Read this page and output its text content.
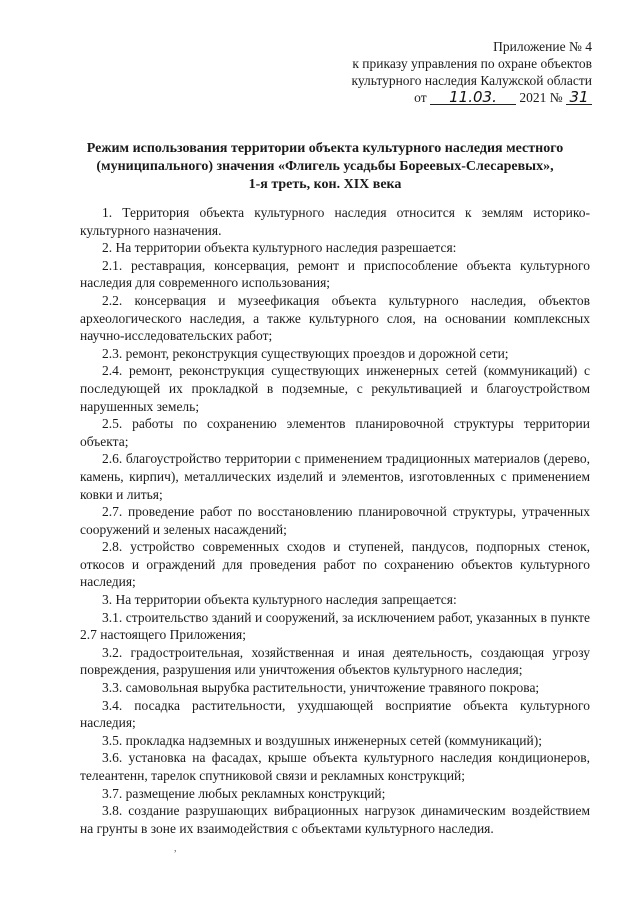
Приложение № 4
к приказу управления по охране объектов
культурного наследия Калужской области
от 11.03. 2021 № 31
Режим использования территории объекта культурного наследия местного
(муниципального) значения «Флигель усадьбы Бореевых-Слесаревых»,
1-я треть, кон. XIX века

1. Территория объекта культурного наследия относится к землям историко-культурного назначения.

2. На территории объекта культурного наследия разрешается:

2.1. реставрация, консервация, ремонт и приспособление объекта культурного наследия для современного использования;

2.2. консервация и музеефикация объекта культурного наследия, объектов археологического наследия, а также культурного слоя, на основании комплексных научно-исследовательских работ;

2.3. ремонт, реконструкция существующих проездов и дорожной сети;

2.4. ремонт, реконструкция существующих инженерных сетей (коммуникаций) с последующей их прокладкой в подземные, с рекультивацией и благоустройством нарушенных земель;

2.5. работы по сохранению элементов планировочной структуры территории объекта;

2.6. благоустройство территории с применением традиционных материалов (дерево, камень, кирпич), металлических изделий и элементов, изготовленных с применением ковки и литья;

2.7. проведение работ по восстановлению планировочной структуры, утраченных сооружений и зеленых насаждений;

2.8. устройство современных сходов и ступеней, пандусов, подпорных стенок, откосов и ограждений для проведения работ по сохранению объектов культурного наследия;

3. На территории объекта культурного наследия запрещается:

3.1. строительство зданий и сооружений, за исключением работ, указанных в пункте 2.7 настоящего Приложения;

3.2. градостроительная, хозяйственная и иная деятельность, создающая угрозу повреждения, разрушения или уничтожения объектов культурного наследия;

3.3. самовольная вырубка растительности, уничтожение травяного покрова;

3.4. посадка растительности, ухудшающей восприятие объекта культурного наследия;

3.5. прокладка надземных и воздушных инженерных сетей (коммуникаций);

3.6. установка на фасадах, крыше объекта культурного наследия кондиционеров, телеантенн, тарелок спутниковой связи и рекламных конструкций;

3.7. размещение любых рекламных конструкций;

3.8. создание разрушающих вибрационных нагрузок динамическим воздействием на грунты в зоне их взаимодействия с объектами культурного наследия.

,
